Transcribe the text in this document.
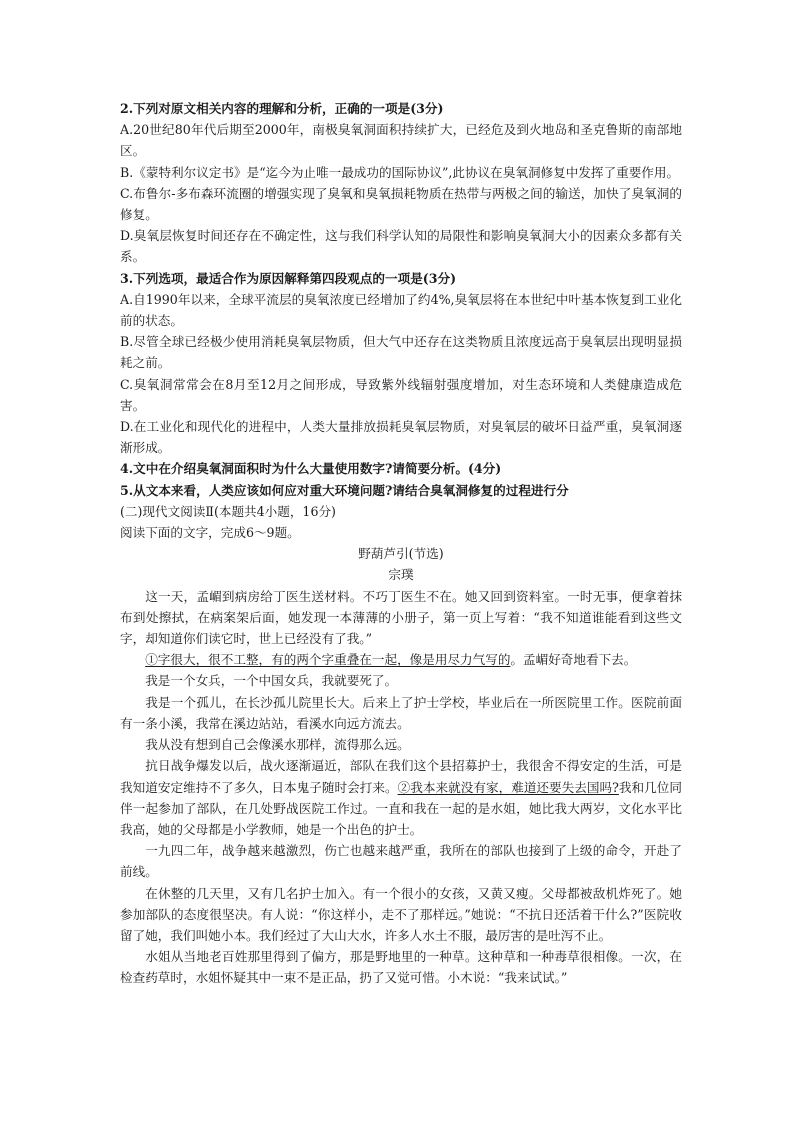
2.下列对原文相关内容的理解和分析，正确的一项是(3分)

A.20世纪80年代后期至2000年，南极臭氧洞面积持续扩大，已经危及到火地岛和圣克鲁斯的南部地区。

B.《蒙特利尔议定书》是“迄今为止唯一最成功的国际协议”,此协议在臭氧洞修复中发挥了重要作用。

C.布鲁尔-多布森环流圈的增强实现了臭氧和臭氧损耗物质在热带与两极之间的输送，加快了臭氧洞的修复。

D.臭氧层恢复时间还存在不确定性，这与我们科学认知的局限性和影响臭氧洞大小的因素众多都有关系。

3.下列选项，最适合作为原因解释第四段观点的一项是(3分)

A.自1990年以来，全球平流层的臭氧浓度已经增加了约4%,臭氧层将在本世纪中叶基本恢复到工业化前的状态。

B.尽管全球已经极少使用消耗臭氧层物质，但大气中还存在这类物质且浓度远高于臭氧层出现明显损耗之前。

C.臭氧洞常常会在8月至12月之间形成，导致紫外线辐射强度增加，对生态环境和人类健康造成危害。

D.在工业化和现代化的进程中，人类大量排放损耗臭氧层物质，对臭氧层的破坏日益严重，臭氧洞逐渐形成。

4.文中在介绍臭氧洞面积时为什么大量使用数字?请简要分析。(4分)

5.从文本来看，人类应该如何应对重大环境问题?请结合臭氧洞修复的过程进行分

(二)现代文阅读Ⅱ(本题共4小题，16分)

阅读下面的文字，完成6～9题。

野葫芦引(节选)

宗璞

这一天，孟嵋到病房给丁医生送材料。不巧丁医生不在。她又回到资料室。一时无事，便拿着抹布到处擦拭，在病案架后面，她发现一本薄薄的小册子，第一页上写着：“我不知道谁能看到这些文字，却知道你们读它时，世上已经没有了我。”

①字很大，很不工整，有的两个字重叠在一起，像是用尽力气写的。孟嵋好奇地看下去。

我是一个女兵，一个中国女兵，我就要死了。

我是一个孤儿，在长沙孤儿院里长大。后来上了护士学校，毕业后在一所医院里工作。医院前面有一条小溪，我常在溪边站站，看溪水向远方流去。

我从没有想到自己会像溪水那样，流得那么远。

抗日战争爆发以后，战火逐渐逼近，部队在我们这个县招募护士，我很舍不得安定的生活，可是我知道安定维持不了多久，日本鬼子随时会打来。②我本来就没有家，难道还要失去国吗?我和几位同伴一起参加了部队，在几处野战医院工作过。一直和我在一起的是水姐，她比我大两岁，文化水平比我高，她的父母都是小学教师，她是一个出色的护士。

一九四二年，战争越来越激烈，伤亡也越来越严重，我所在的部队也接到了上级的命令，开赴了前线。

在休整的几天里，又有几名护士加入。有一个很小的女孩，又黄又瘦。父母都被敌机炸死了。她参加部队的态度很坚决。有人说：“你这样小，走不了那样远。”她说：“不抗日还活着干什么?”医院收留了她，我们叫她小本。我们经过了大山大水，许多人水土不服，最厉害的是吐泻不止。

水姐从当地老百姓那里得到了偏方，那是野地里的一种草。这种草和一种毒草很相像。一次，在检查药草时，水姐怀疑其中一束不是正品，扔了又觉可惜。小木说：“我来试试。”
